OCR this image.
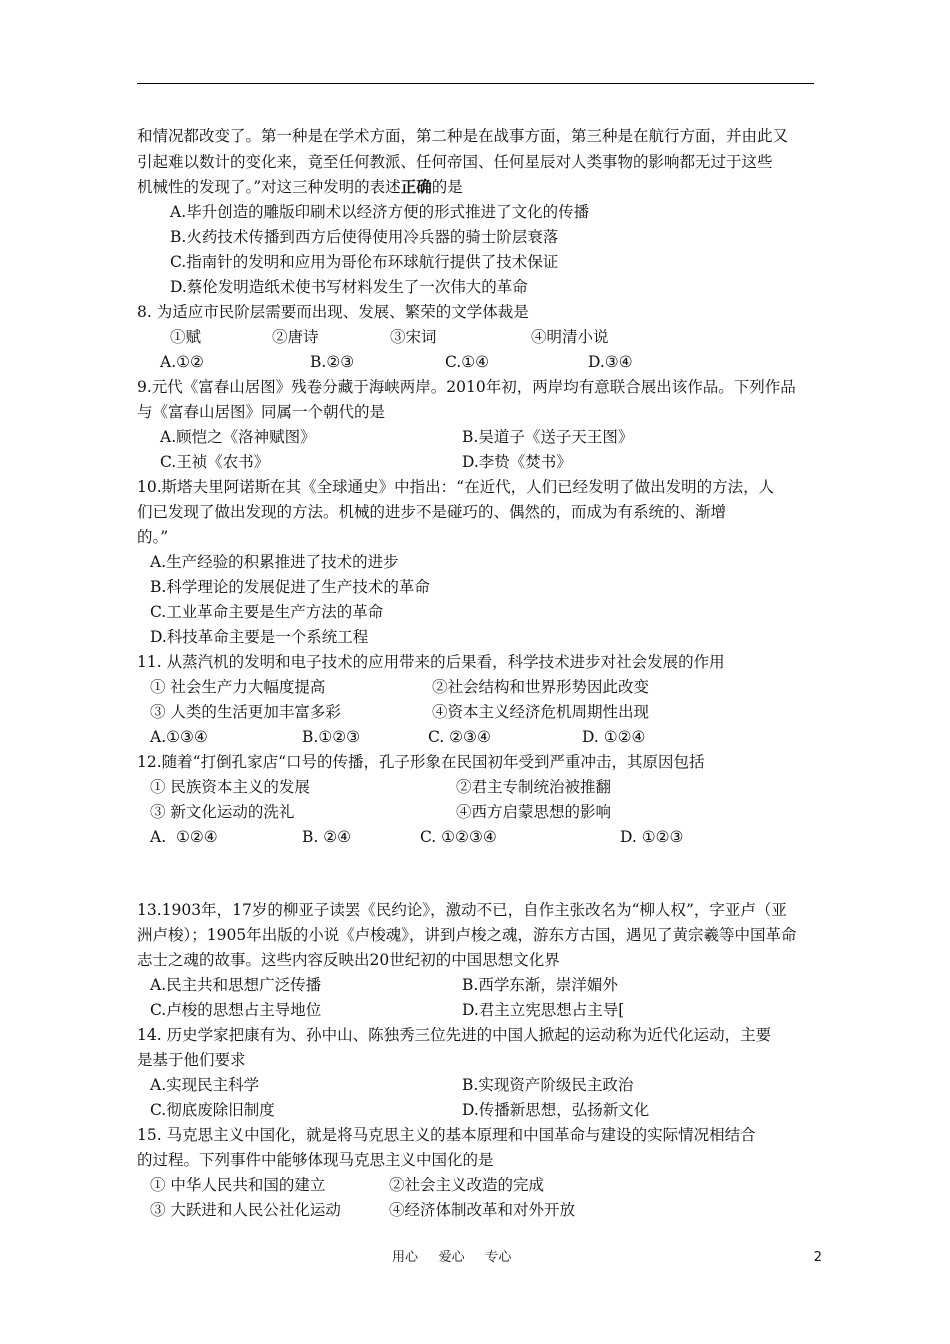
和情况都改变了。第一种是在学术方面，第二种是在战事方面，第三种是在航行方面，并由此又
引起难以数计的变化来，竟至任何教派、任何帝国、任何星辰对人类事物的影响都无过于这些
机械性的发现了。”对这三种发明的表述正确的是
A.毕升创造的雕版印刷术以经济方便的形式推进了文化的传播
B.火药技术传播到西方后使得使用冷兵器的骑士阶层衰落
C.指南针的发明和应用为哥伦布环球航行提供了技术保证
D.蔡伦发明造纸术使书写材料发生了一次伟大的革命
8. 为适应市民阶层需要而出现、发展、繁荣的文学体裁是
①赋	②唐诗	③宋词	④明清小说
A.①②	B.②③	C.①④	D.③④
9.元代《富春山居图》残卷分藏于海峡两岸。2010年初，两岸均有意联合展出该作品。下列作品
与《富春山居图》同属一个朝代的是
A.顾恺之《洛神赋图》	B.吴道子《送子天王图》
C.王祯《农书》	D.李贽《焚书》
10.斯塔夫里阿诺斯在其《全球通史》中指出：“在近代，人们已经发明了做出发明的方法，人
们已发现了做出发现的方法。机械的进步不是碰巧的、偶然的，而成为有系统的、渐增
的。”
A.生产经验的积累推进了技术的进步
B.科学理论的发展促进了生产技术的革命
C.工业革命主要是生产方法的革命
D.科技革命主要是一个系统工程
11. 从蒸汽机的发明和电子技术的应用带来的后果看，科学技术进步对社会发展的作用
① 社会生产力大幅度提高	②社会结构和世界形势因此改变
③ 人类的生活更加丰富多彩	④资本主义经济危机周期性出现
A.①③④	B.①②③	C. ②③④	D. ①②④
12.随着“打倒孔家店“口号的传播，孔子形象在民国初年受到严重冲击，其原因包括
① 民族资本主义的发展	②君主专制统治被推翻
③ 新文化运动的洗礼	④西方启蒙思想的影响
A.  ①②④	B. ②④	C. ①②③④	D. ①②③
13.1903年，17岁的柳亚子读罢《民约论》，激动不已，自作主张改名为“柳人权”，字亚卢（亚
洲卢梭）；1905年出版的小说《卢梭魂》，讲到卢梭之魂，游东方古国，遇见了黄宗羲等中国革命
志士之魂的故事。这些内容反映出20世纪初的中国思想文化界
A.民主共和思想广泛传播	B.西学东渐，崇洋媚外
C.卢梭的思想占主导地位	D.君主立宪思想占主导[
14. 历史学家把康有为、孙中山、陈独秀三位先进的中国人掀起的运动称为近代化运动，主要
是基于他们要求
A.实现民主科学	B.实现资产阶级民主政治
C.彻底废除旧制度	D.传播新思想，弘扬新文化
15. 马克思主义中国化，就是将马克思主义的基本原理和中国革命与建设的实际情况相结合
的过程。下列事件中能够体现马克思主义中国化的是
① 中华人民共和国的建立	②社会主义改造的完成
③ 大跃进和人民公社化运动	④经济体制改革和对外开放
用心     爱心     专心	2
